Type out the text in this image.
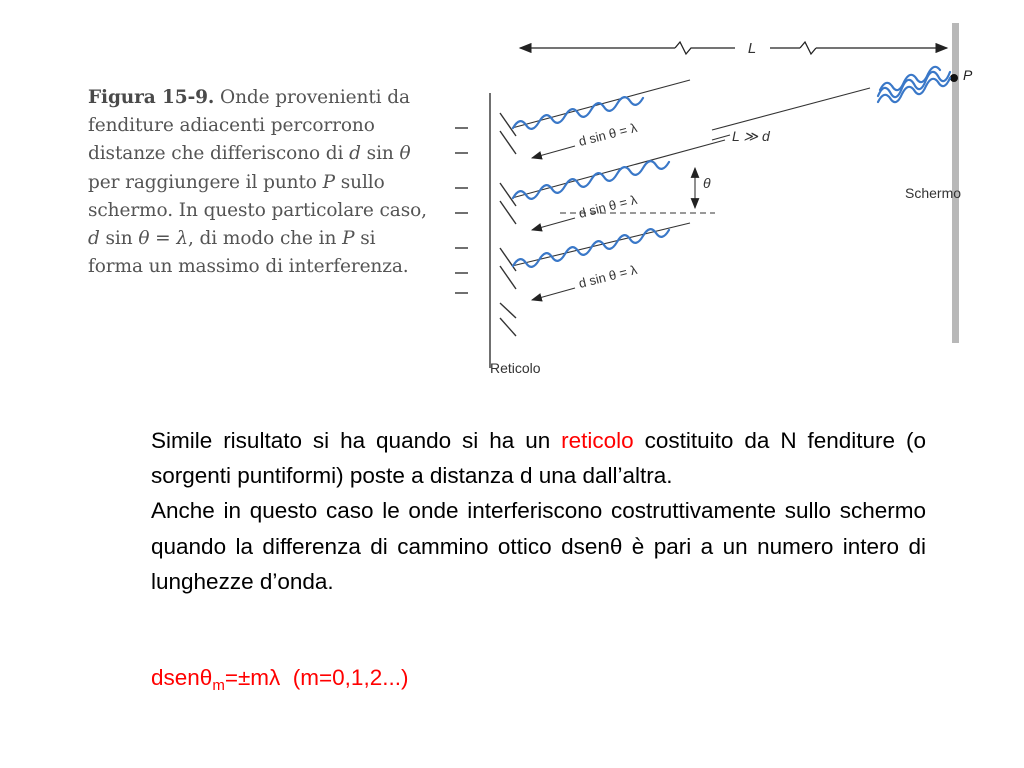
Figura 15-9. Onde provenienti da fenditure adiacenti percorrono distanze che differiscono di d sin θ per raggiungere il punto P sullo schermo. In questo particolare caso, d sin θ = λ, di modo che in P si forma un massimo di interferenza.
L
P
Schermo
Reticolo
d sin θ = λ
d sin θ = λ
d sin θ = λ
θ
L ≫ d

Simile risultato si ha quando si ha un reticolo costituito da N fenditure (o sorgenti puntiformi) poste a distanza d una dall’altra.

Anche in questo caso le onde interferiscono costruttivamente sullo schermo quando la differenza di cammino ottico dsenθ è pari a un numero intero di lunghezze d’onda.

dsenθ$_m$=±mλ  (m=0,1,2...)
